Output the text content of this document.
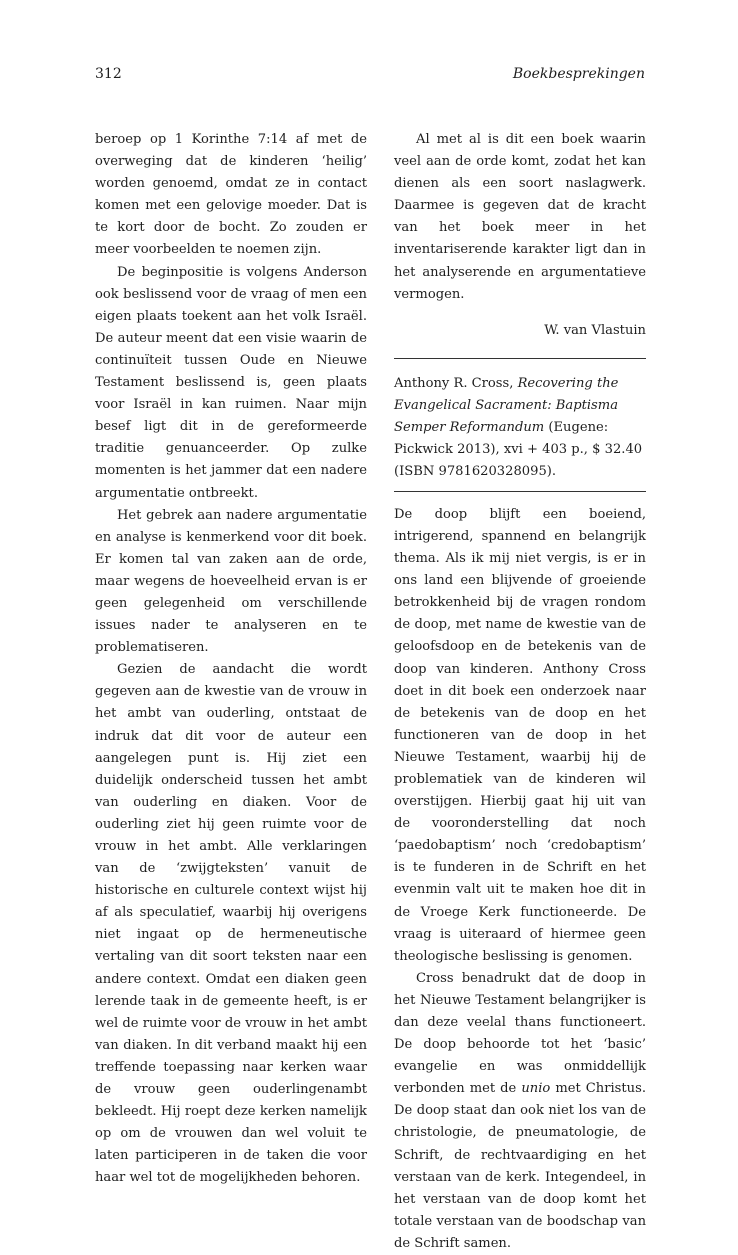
312	Boekbesprekingen

beroep op 1 Korinthe 7:14 af met de overweging dat de kinderen ‘heilig’ worden genoemd, omdat ze in contact komen met een gelovige moeder. Dat is te kort door de bocht. Zo zouden er meer voorbeelden te noemen zijn.

De beginpositie is volgens Anderson ook beslissend voor de vraag of men een eigen plaats toekent aan het volk Israël. De auteur meent dat een visie waarin de continuïteit tussen Oude en Nieuwe Testament beslissend is, geen plaats voor Israël in kan ruimen. Naar mijn besef ligt dit in de gereformeerde traditie genuanceerder. Op zulke momenten is het jammer dat een nadere argumentatie ontbreekt.

Het gebrek aan nadere argumentatie en analyse is kenmerkend voor dit boek. Er komen tal van zaken aan de orde, maar wegens de hoeveelheid ervan is er geen gelegenheid om verschillende issues nader te analyseren en te problematiseren.

Gezien de aandacht die wordt gegeven aan de kwestie van de vrouw in het ambt van ouderling, ontstaat de indruk dat dit voor de auteur een aangelegen punt is. Hij ziet een duidelijk onderscheid tussen het ambt van ouderling en diaken. Voor de ouderling ziet hij geen ruimte voor de vrouw in het ambt. Alle verklaringen van de ‘zwijgteksten’ vanuit de historische en culturele context wijst hij af als speculatief, waarbij hij overigens niet ingaat op de hermeneutische vertaling van dit soort teksten naar een andere context. Omdat een diaken geen lerende taak in de gemeente heeft, is er wel de ruimte voor de vrouw in het ambt van diaken. In dit verband maakt hij een treffende toepassing naar kerken waar de vrouw geen ouderlingenambt bekleedt. Hij roept deze kerken namelijk op om de vrouwen dan wel voluit te laten participeren in de taken die voor haar wel tot de mogelijkheden behoren.

Al met al is dit een boek waarin veel aan de orde komt, zodat het kan dienen als een soort naslagwerk. Daarmee is gegeven dat de kracht van het boek meer in het inventariserende karakter ligt dan in het analyserende en argumentatieve vermogen.

W. van Vlastuin
Anthony R. Cross, Recovering the Evangelical Sacrament: Baptisma Semper Reformandum (Eugene: Pickwick 2013), xvi + 403 p., $ 32.40 (ISBN 9781620328095).

De doop blijft een boeiend, intrigerend, spannend en belangrijk thema. Als ik mij niet vergis, is er in ons land een blijvende of groeiende betrokkenheid bij de vragen rondom de doop, met name de kwestie van de geloofsdoop en de betekenis van de doop van kinderen. Anthony Cross doet in dit boek een onderzoek naar de betekenis van de doop en het functioneren van de doop in het Nieuwe Testament, waarbij hij de problematiek van de kinderen wil overstijgen. Hierbij gaat hij uit van de vooronderstelling dat noch ‘paedobaptism’ noch ‘credobaptism’ is te funderen in de Schrift en het evenmin valt uit te maken hoe dit in de Vroege Kerk functioneerde. De vraag is uiteraard of hiermee geen theologische beslissing is genomen.

Cross benadrukt dat de doop in het Nieuwe Testament belangrijker is dan deze veelal thans functioneert. De doop behoorde tot het ‘basic’ evangelie en was onmiddellijk verbonden met de unio met Christus. De doop staat dan ook niet los van de christologie, de pneumatologie, de Schrift, de rechtvaardiging en het verstaan van de kerk. Integendeel, in het verstaan van de doop komt het totale verstaan van de boodschap van de Schrift samen.
